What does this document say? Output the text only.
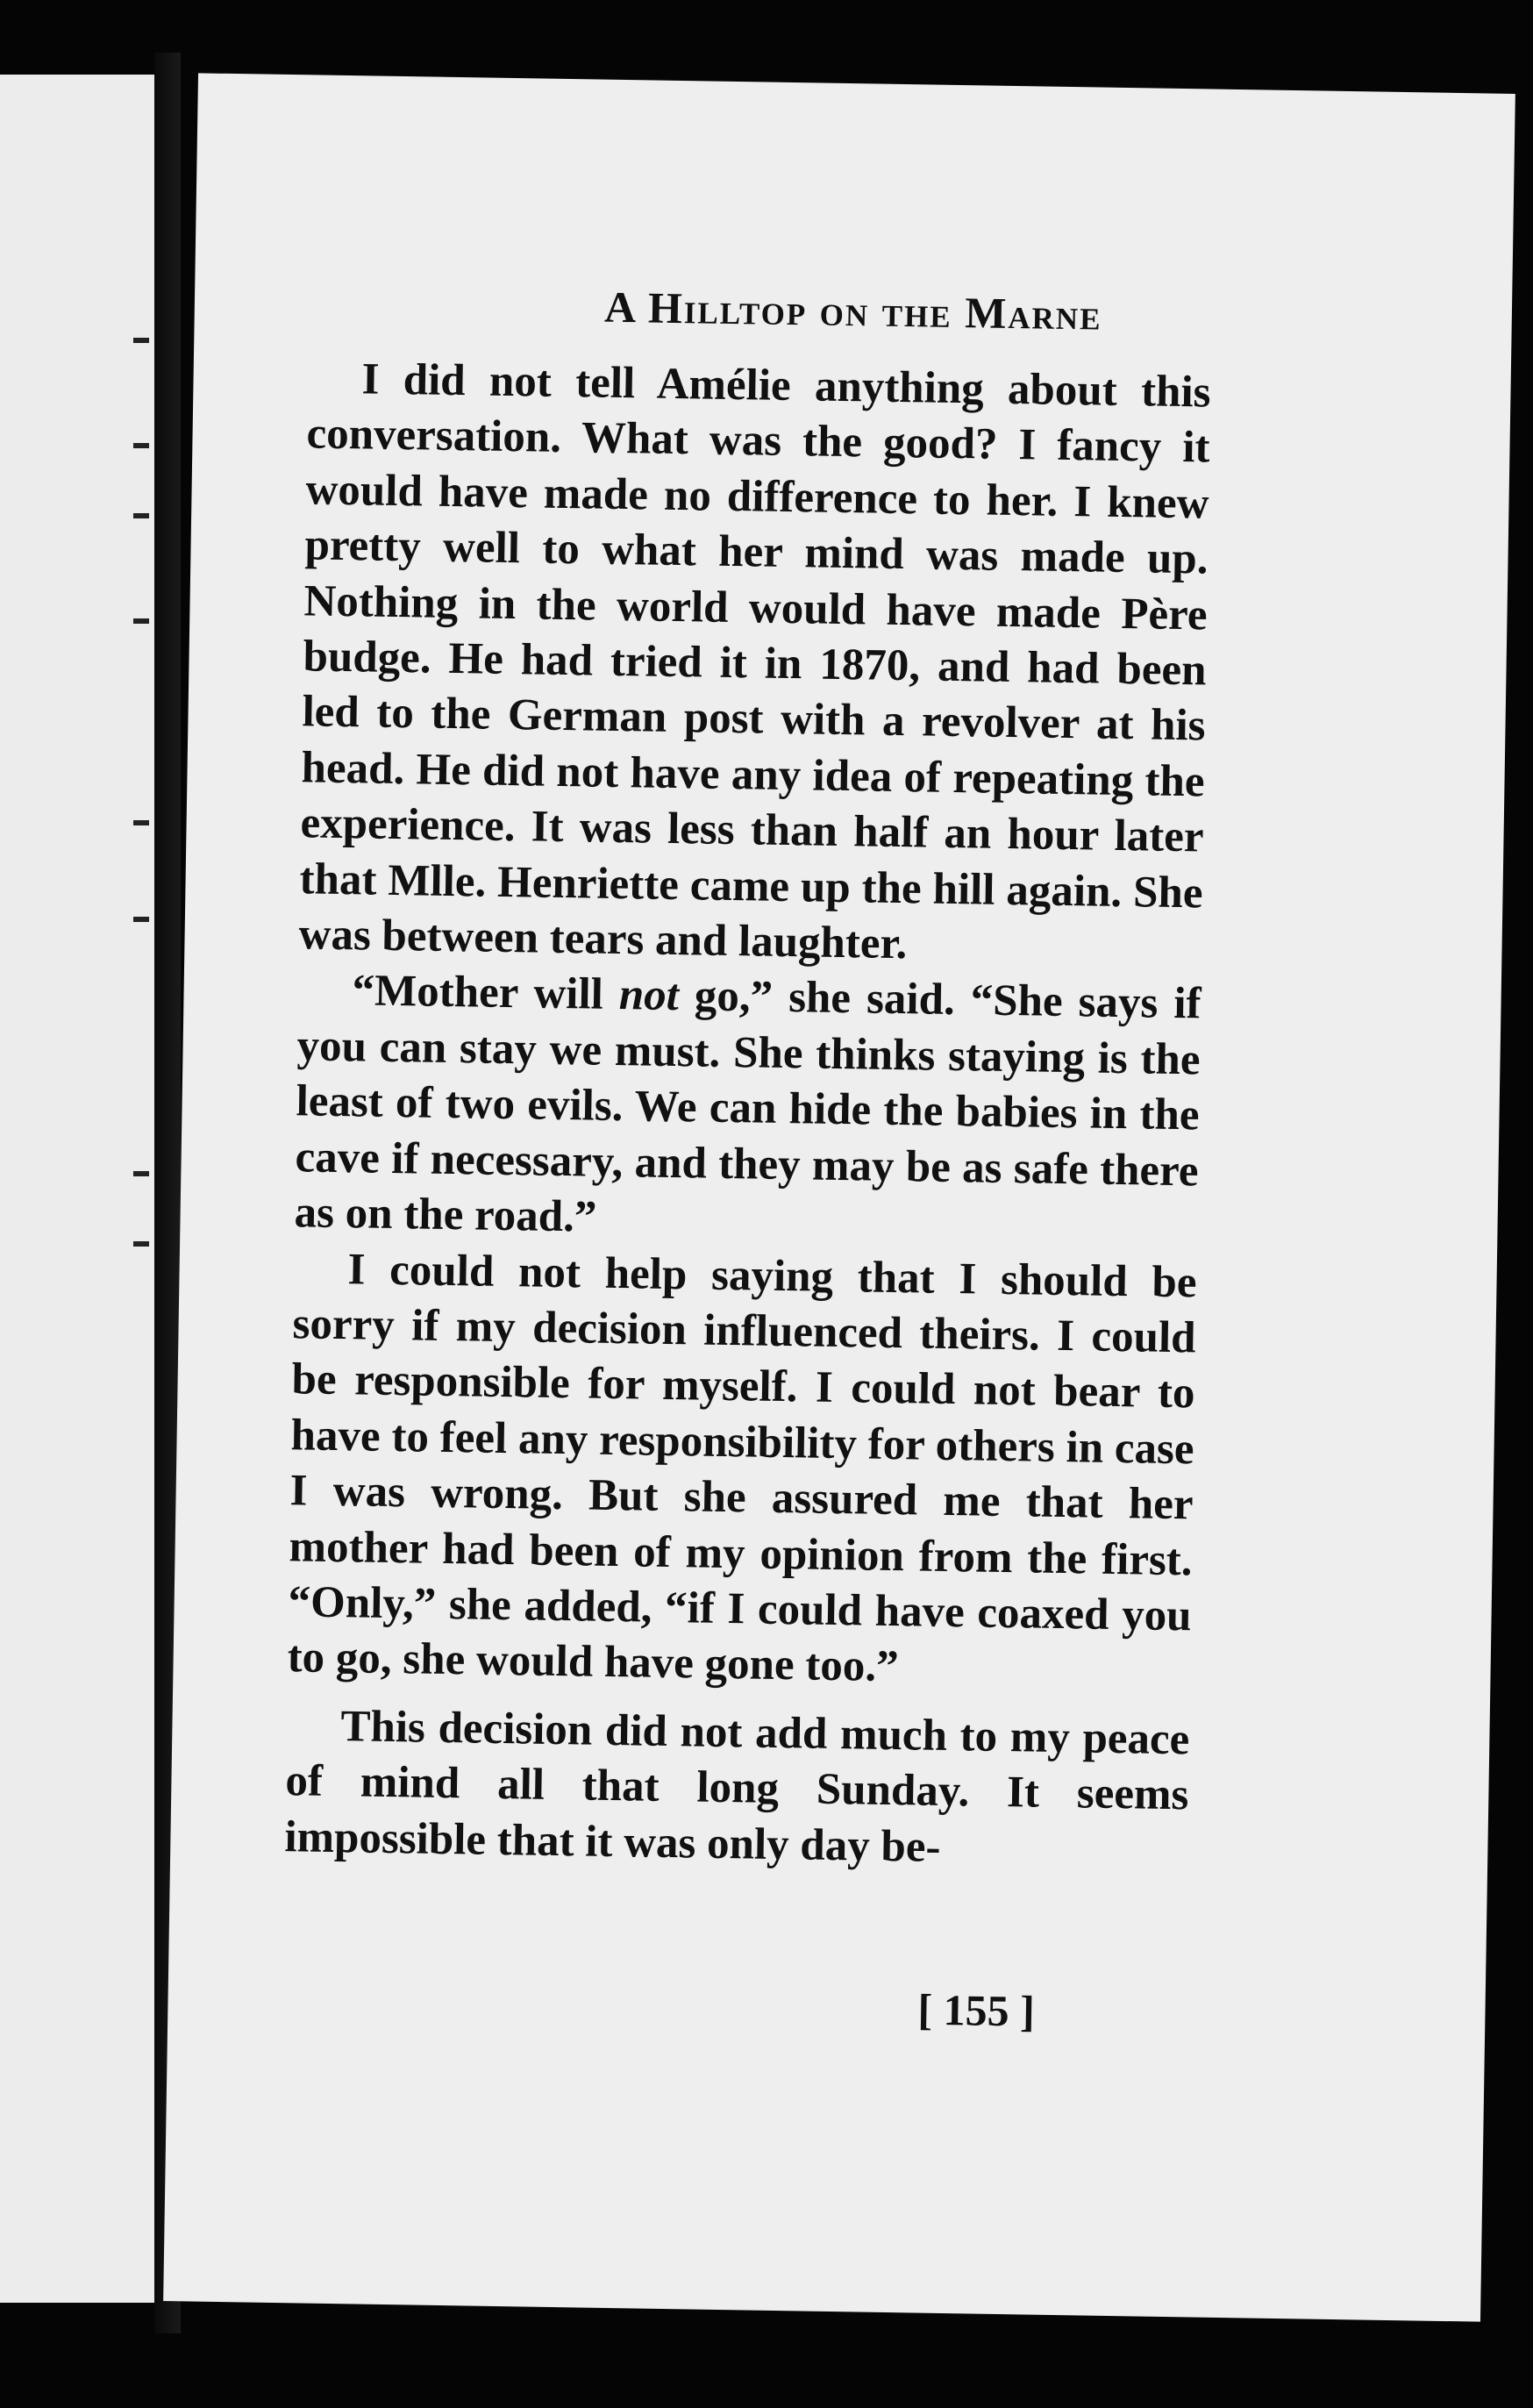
A Hilltop on the Marne

I did not tell Amélie anything about this conversation. What was the good? I fancy it would have made no difference to her. I knew pretty well to what her mind was made up. Nothing in the world would have made Père budge. He had tried it in 1870, and had been led to the German post with a revolver at his head. He did not have any idea of repeating the experience. It was less than half an hour later that Mlle. Henriette came up the hill again. She was between tears and laughter.

“Mother will not go,” she said. “She says if you can stay we must. She thinks staying is the least of two evils. We can hide the babies in the cave if necessary, and they may be as safe there as on the road.”

I could not help saying that I should be sorry if my decision influenced theirs. I could be responsible for myself. I could not bear to have to feel any responsibility for others in case I was wrong. But she assured me that her mother had been of my opinion from the first. “Only,” she added, “if I could have coaxed you to go, she would have gone too.”

This decision did not add much to my peace of mind all that long Sunday. It seems impossible that it was only day be-

[ 155 ]
